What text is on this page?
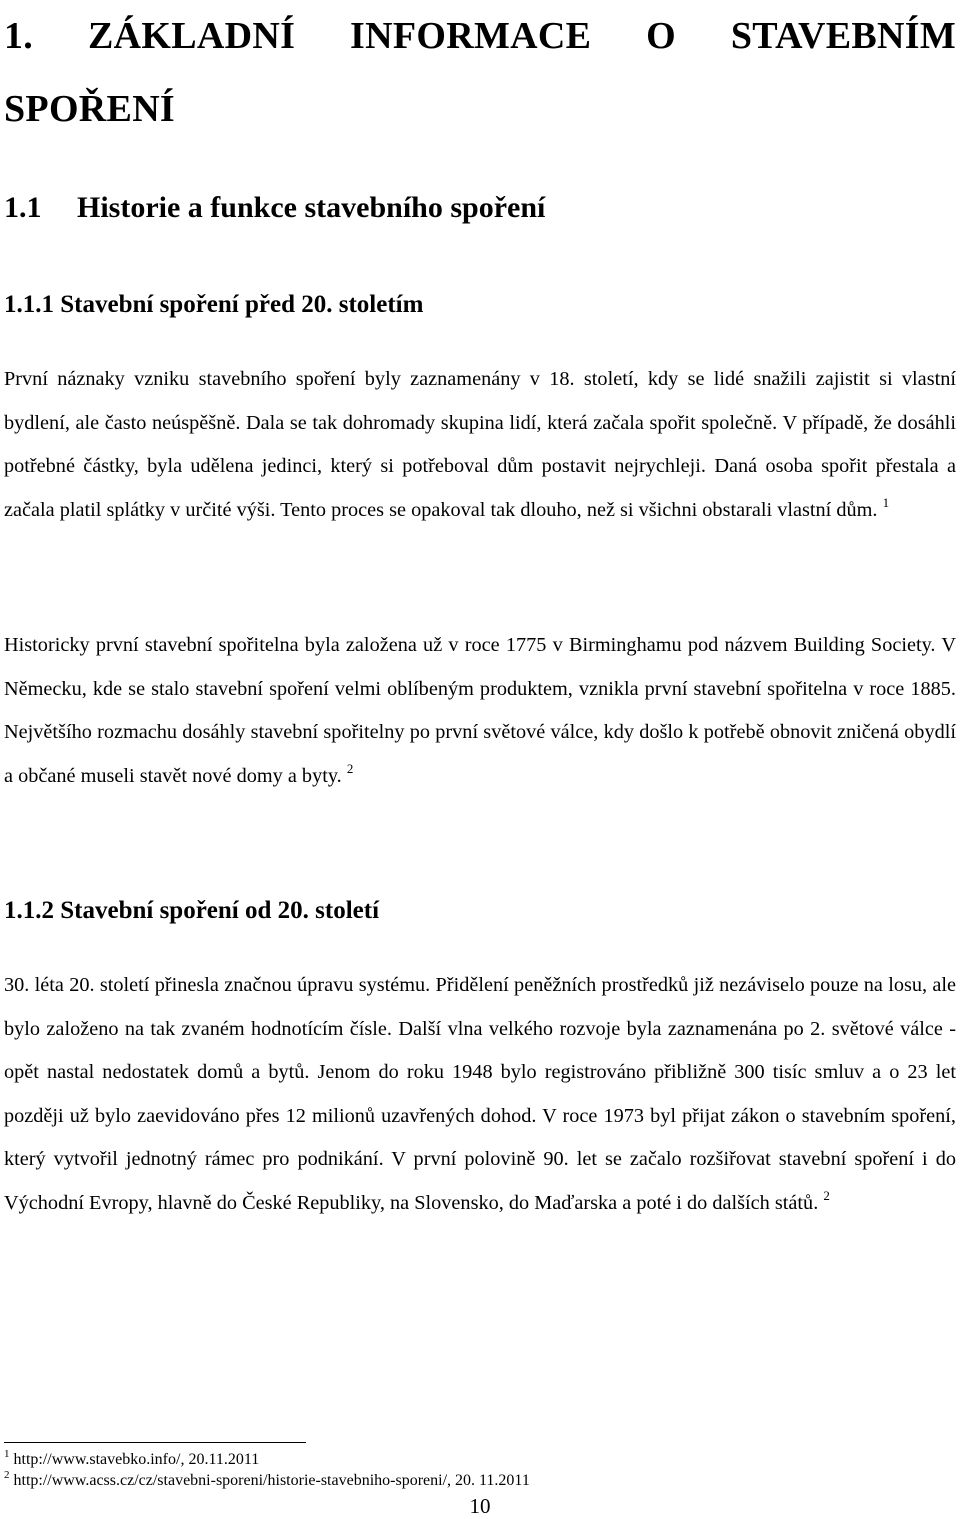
1. ZÁKLADNÍ INFORMACE O STAVEBNÍM SPOŘENÍ
1.1 Historie a funkce stavebního spoření
1.1.1 Stavební spoření před 20. stoletím

První náznaky vzniku stavebního spoření byly zaznamenány v 18. století, kdy se lidé snažili zajistit si vlastní bydlení, ale často neúspěšně. Dala se tak dohromady skupina lidí, která začala spořit společně. V případě, že dosáhli potřebné částky, byla udělena jedinci, který si potřeboval dům postavit nejrychleji. Daná osoba spořit přestala a začala platil splátky v určité výši. Tento proces se opakoval tak dlouho, než si všichni obstarali vlastní dům. $^1$

Historicky první stavební spořitelna byla založena už v roce 1775 v Birminghamu pod názvem Building Society. V Německu, kde se stalo stavební spoření velmi oblíbeným produktem, vznikla první stavební spořitelna v roce 1885. Největšího rozmachu dosáhly stavební spořitelny po první světové válce, kdy došlo k potřebě obnovit zničená obydlí a občané museli stavět nové domy a byty. $^2$

1.1.2 Stavební spoření od 20. století

30. léta 20. století přinesla značnou úpravu systému. Přidělení peněžních prostředků již nezáviselo pouze na losu, ale bylo založeno na tak zvaném hodnotícím čísle. Další vlna velkého rozvoje byla zaznamenána po 2. světové válce - opět nastal nedostatek domů a bytů. Jenom do roku 1948 bylo registrováno přibližně 300 tisíc smluv a o 23 let později už bylo zaevidováno přes 12 milionů uzavřených dohod. V roce 1973 byl přijat zákon o stavebním spoření, který vytvořil jednotný rámec pro podnikání. V první polovině 90. let se začalo rozšiřovat stavební spoření i do Východní Evropy, hlavně do České Republiky, na Slovensko, do Maďarska a poté i do dalších států. $^2$

$^1$ http://www.stavebko.info/, 20.11.2011
$^2$ http://www.acss.cz/cz/stavebni-sporeni/historie-stavebniho-sporeni/, 20. 11.2011
10
